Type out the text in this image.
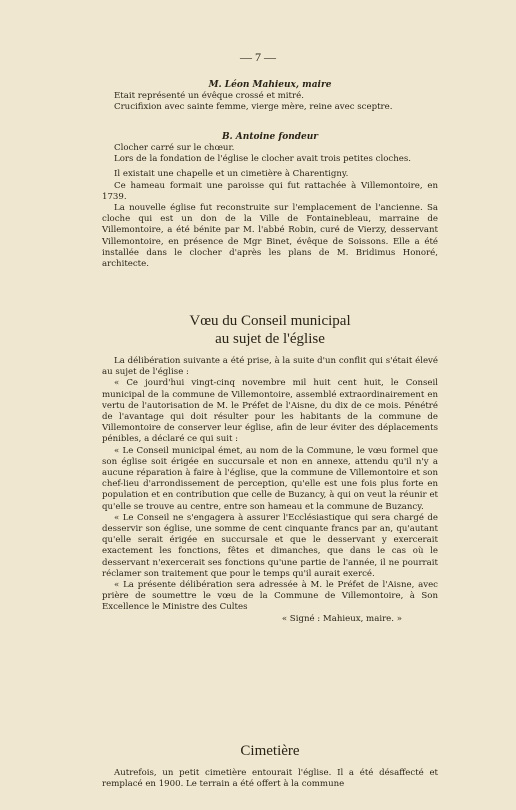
— 7 —
M. Léon Mahieux, maire

Etait représenté un évêque crossé et mitré.

Crucifixion avec sainte femme, vierge mère, reine avec sceptre.

B. Antoine fondeur

Clocher carré sur le chœur.

Lors de la fondation de l'église le clocher avait trois petites cloches.

Il existait une chapelle et un cimetière à Charentigny.

Ce hameau formait une paroisse qui fut rattachée à Villemontoire, en 1739.

La nouvelle église fut reconstruite sur l'emplacement de l'ancienne. Sa cloche qui est un don de la Ville de Fontainebleau, marraine de Villemontoire, a été bénite par M. l'abbé Robin, curé de Vierzy, desservant Villemontoire, en présence de Mgr Binet, évêque de Soissons. Elle a été installée dans le clocher d'après les plans de M. Bridimus Honoré, architecte.

Vœu du Conseil municipal
au sujet de l'église

La délibération suivante a été prise, à la suite d'un conflit qui s'était élevé au sujet de l'église :

« Ce jourd'hui vingt-cinq novembre mil huit cent huit, le Conseil municipal de la commune de Villemontoire, assemblé extraordinairement en vertu de l'autorisation de M. le Préfet de l'Aisne, du dix de ce mois. Pénétré de l'avantage qui doit résulter pour les habitants de la commune de Villemontoire de conserver leur église, afin de leur éviter des déplacements pénibles, a déclaré ce qui suit :

« Le Conseil municipal émet, au nom de la Commune, le vœu formel que son église soit érigée en succursale et non en annexe, attendu qu'il n'y a aucune réparation à faire à l'église, que la commune de Villemontoire et son chef-lieu d'arrondissement de perception, qu'elle est une fois plus forte en population et en contribution que celle de Buzancy, à qui on veut la réunir et qu'elle se trouve au centre, entre son hameau et la commune de Buzancy.

« Le Conseil ne s'engagera à assurer l'Ecclésiastique qui sera chargé de desservir son église, une somme de cent cinquante francs par an, qu'autant qu'elle serait érigée en succursale et que le desservant y exercerait exactement les fonctions, fêtes et dimanches, que dans le cas où le desservant n'exercerait ses fonctions qu'une partie de l'année, il ne pourrait réclamer son traitement que pour le temps qu'il aurait exercé.

« La présente délibération sera adressée à M. le Préfet de l'Aisne, avec prière de soumettre le vœu de la Commune de Villemontoire, à Son Excellence le Ministre des Cultes

« Signé : Mahieux, maire. »
Cimetière

Autrefois, un petit cimetière entourait l'église. Il a été désaffecté et remplacé en 1900. Le terrain a été offert à la commune
